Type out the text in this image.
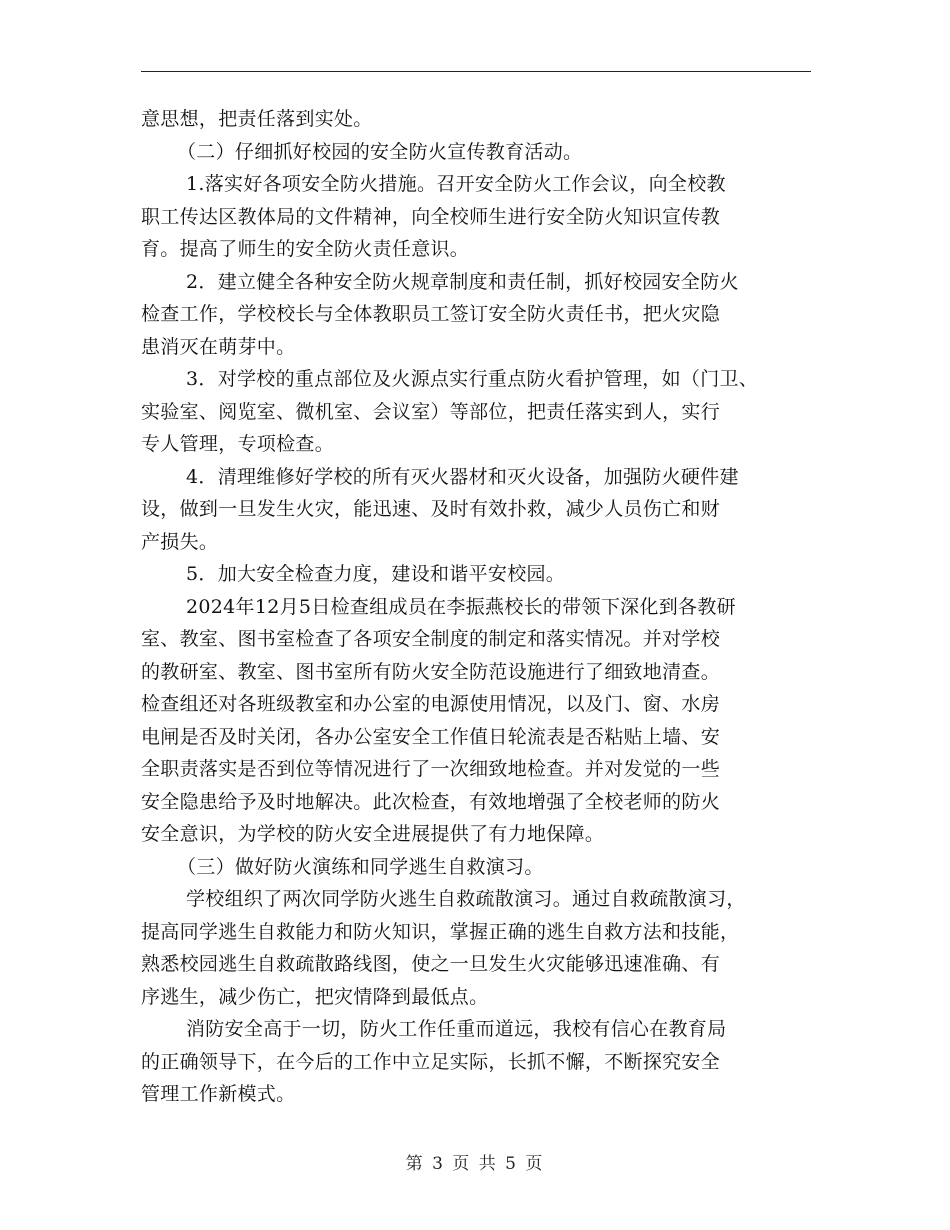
意思想，把责任落到实处。
（二）仔细抓好校园的安全防火宣传教育活动。
1.落实好各项安全防火措施。召开安全防火工作会议，向全校教
职工传达区教体局的文件精神，向全校师生进行安全防火知识宣传教
育。提高了师生的安全防火责任意识。
2．建立健全各种安全防火规章制度和责任制，抓好校园安全防火
检查工作，学校校长与全体教职员工签订安全防火责任书，把火灾隐
患消灭在萌芽中。
3．对学校的重点部位及火源点实行重点防火看护管理，如（门卫、
实验室、阅览室、微机室、会议室）等部位，把责任落实到人，实行
专人管理，专项检查。
4．清理维修好学校的所有灭火器材和灭火设备，加强防火硬件建
设，做到一旦发生火灾，能迅速、及时有效扑救，减少人员伤亡和财
产损失。
5．加大安全检查力度，建设和谐平安校园。
2024年12月5日检查组成员在李振燕校长的带领下深化到各教研
室、教室、图书室检查了各项安全制度的制定和落实情况。并对学校
的教研室、教室、图书室所有防火安全防范设施进行了细致地清查。
检查组还对各班级教室和办公室的电源使用情况，以及门、窗、水房
电闸是否及时关闭，各办公室安全工作值日轮流表是否粘贴上墙、安
全职责落实是否到位等情况进行了一次细致地检查。并对发觉的一些
安全隐患给予及时地解决。此次检查，有效地增强了全校老师的防火
安全意识，为学校的防火安全进展提供了有力地保障。
（三）做好防火演练和同学逃生自救演习。
学校组织了两次同学防火逃生自救疏散演习。通过自救疏散演习，
提高同学逃生自救能力和防火知识，掌握正确的逃生自救方法和技能，
熟悉校园逃生自救疏散路线图，使之一旦发生火灾能够迅速准确、有
序逃生，减少伤亡，把灾情降到最低点。
消防安全高于一切，防火工作任重而道远，我校有信心在教育局
的正确领导下，在今后的工作中立足实际，长抓不懈，不断探究安全
管理工作新模式。
第 3 页 共 5 页
